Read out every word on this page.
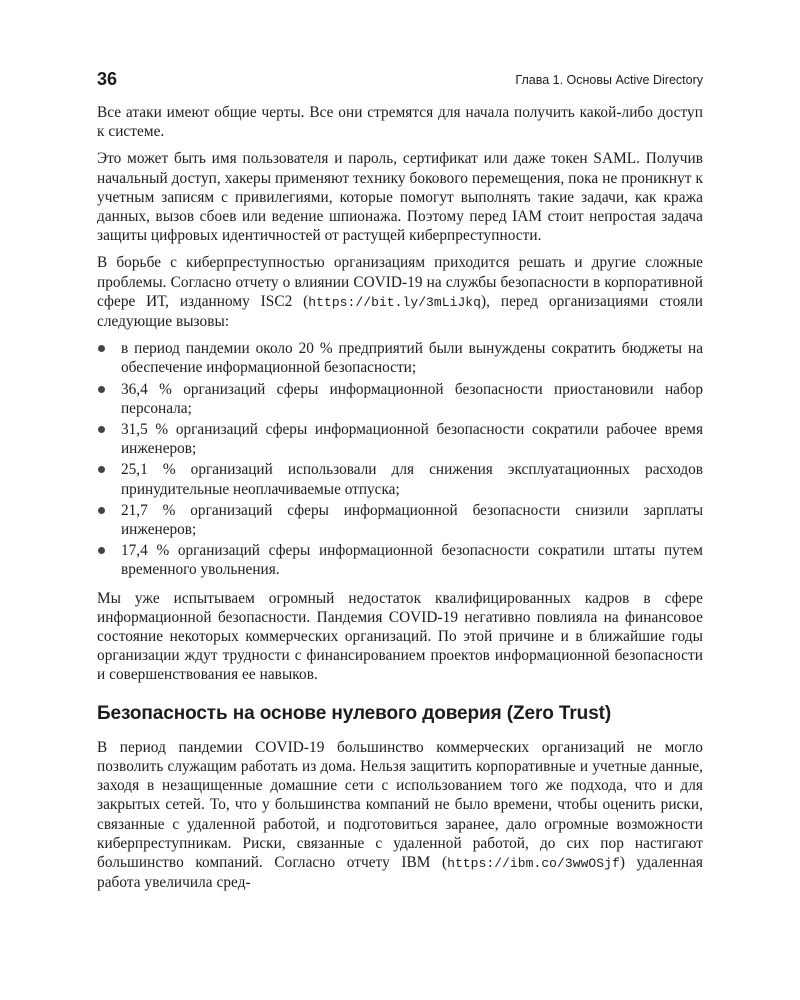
36	Глава 1. Основы Active Directory

Все атаки имеют общие черты. Все они стремятся для начала получить какой-либо доступ к системе.

Это может быть имя пользователя и пароль, сертификат или даже токен SAML. Получив начальный доступ, хакеры применяют технику бокового перемещения, пока не проникнут к учетным записям с привилегиями, которые помогут выполнять такие задачи, как кража данных, вызов сбоев или ведение шпионажа. Поэтому перед IAM стоит непростая задача защиты цифровых идентичностей от растущей киберпреступности.

В борьбе с киберпреступностью организациям приходится решать и другие сложные проблемы. Согласно отчету о влиянии COVID-19 на службы безопасности в корпоративной сфере ИТ, изданному ISC2 (https://bit.ly/3mLiJkq), перед организациями стояли следующие вызовы:

в период пандемии около 20 % предприятий были вынуждены сократить бюджеты на обеспечение информационной безопасности;
36,4 % организаций сферы информационной безопасности приостановили набор персонала;
31,5 % организаций сферы информационной безопасности сократили рабочее время инженеров;
25,1 % организаций использовали для снижения эксплуатационных расходов принудительные неоплачиваемые отпуска;
21,7 % организаций сферы информационной безопасности снизили зарплаты инженеров;
17,4 % организаций сферы информационной безопасности сократили штаты путем временного увольнения.

Мы уже испытываем огромный недостаток квалифицированных кадров в сфере информационной безопасности. Пандемия COVID-19 негативно повлияла на финансовое состояние некоторых коммерческих организаций. По этой причине и в ближайшие годы организации ждут трудности с финансированием проектов информационной безопасности и совершенствования ее навыков.

Безопасность на основе нулевого доверия (Zero Trust)

В период пандемии COVID-19 большинство коммерческих организаций не могло позволить служащим работать из дома. Нельзя защитить корпоративные и учетные данные, заходя в незащищенные домашние сети с использованием того же подхода, что и для закрытых сетей. То, что у большинства компаний не было времени, чтобы оценить риски, связанные с удаленной работой, и подготовиться заранее, дало огромные возможности киберпреступникам. Риски, связанные с удаленной работой, до сих пор настигают большинство компаний. Согласно отчету IBM (https://ibm.co/3wwOSjf) удаленная работа увеличила сред-
